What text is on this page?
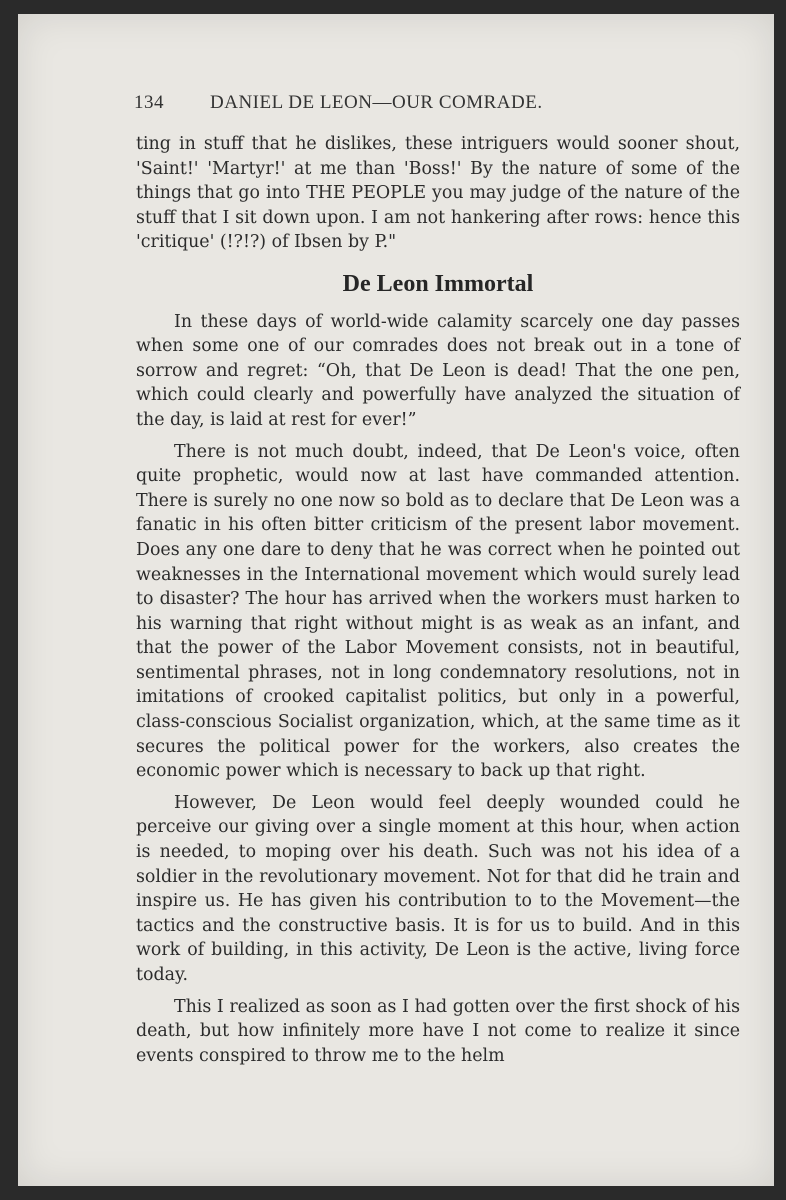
134 DANIEL DE LEON—OUR COMRADE.

ting in stuff that he dislikes, these intriguers would sooner shout, 'Saint!' 'Martyr!' at me than 'Boss!' By the nature of some of the things that go into THE PEOPLE you may judge of the nature of the stuff that I sit down upon. I am not hankering after rows: hence this 'critique' (!?!?) of Ibsen by P."

De Leon Immortal

In these days of world-wide calamity scarcely one day passes when some one of our comrades does not break out in a tone of sorrow and regret: “Oh, that De Leon is dead! That the one pen, which could clearly and powerfully have analyzed the situation of the day, is laid at rest for ever!”

There is not much doubt, indeed, that De Leon's voice, often quite prophetic, would now at last have commanded attention. There is surely no one now so bold as to declare that De Leon was a fanatic in his often bitter criticism of the present labor movement. Does any one dare to deny that he was correct when he pointed out weaknesses in the International movement which would surely lead to disaster? The hour has arrived when the workers must harken to his warning that right without might is as weak as an infant, and that the power of the Labor Movement consists, not in beautiful, sentimental phrases, not in long condemnatory resolutions, not in imitations of crooked capitalist politics, but only in a powerful, class-conscious Socialist organization, which, at the same time as it secures the political power for the workers, also creates the economic power which is necessary to back up that right.

However, De Leon would feel deeply wounded could he perceive our giving over a single moment at this hour, when action is needed, to moping over his death. Such was not his idea of a soldier in the revolutionary movement. Not for that did he train and inspire us. He has given his contribution to to the Movement—the tactics and the constructive basis. It is for us to build. And in this work of building, in this activity, De Leon is the active, living force today.

This I realized as soon as I had gotten over the first shock of his death, but how infinitely more have I not come to realize it since events conspired to throw me to the helm
